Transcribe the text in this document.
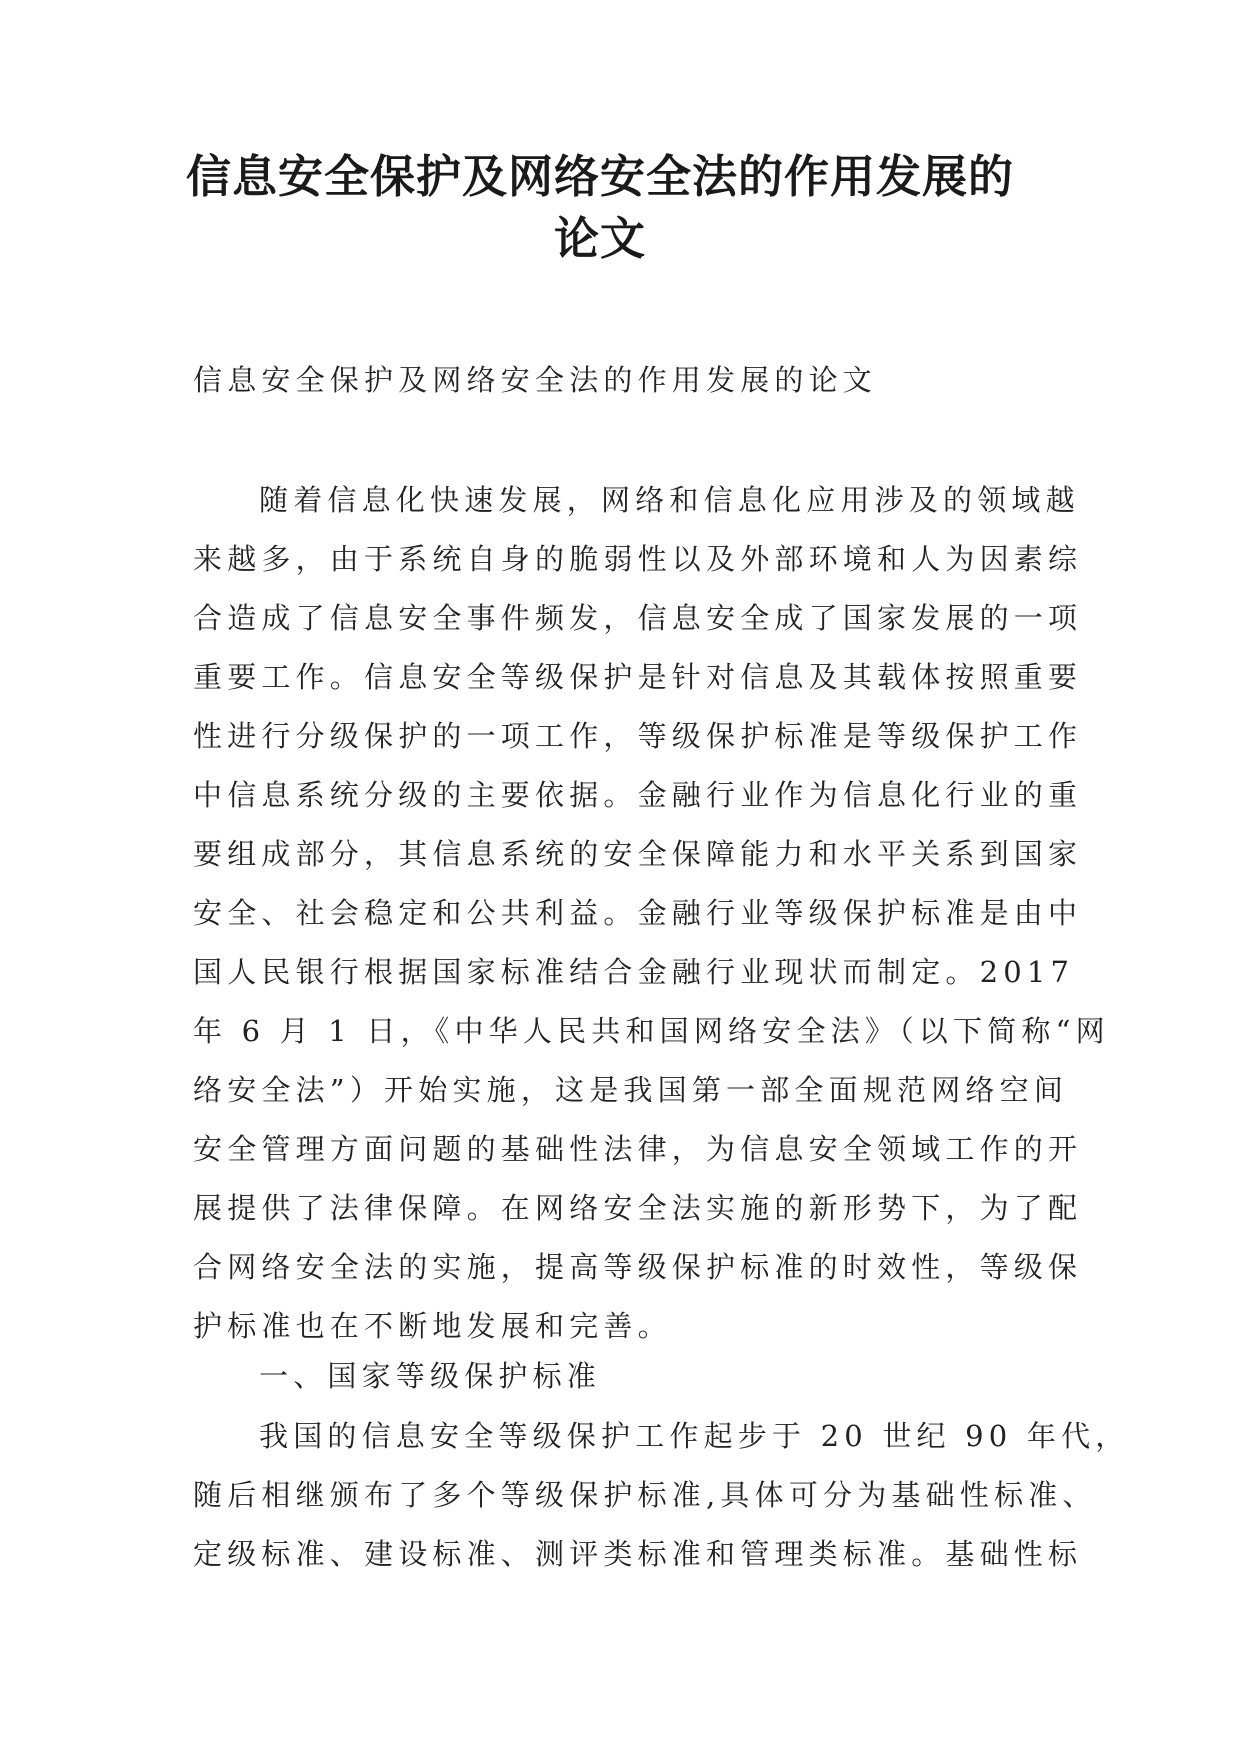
信息安全保护及网络安全法的作用发展的
论文
信息安全保护及网络安全法的作用发展的论文
随着信息化快速发展，网络和信息化应用涉及的领域越
来越多，由于系统自身的脆弱性以及外部环境和人为因素综
合造成了信息安全事件频发，信息安全成了国家发展的一项
重要工作。信息安全等级保护是针对信息及其载体按照重要
性进行分级保护的一项工作，等级保护标准是等级保护工作
中信息系统分级的主要依据。金融行业作为信息化行业的重
要组成部分，其信息系统的安全保障能力和水平关系到国家
安全、社会稳定和公共利益。金融行业等级保护标准是由中
国人民银行根据国家标准结合金融行业现状而制定。2017
年 6 月 1 日，《中华人民共和国网络安全法》（以下简称“网
络安全法”）开始实施，这是我国第一部全面规范网络空间
安全管理方面问题的基础性法律，为信息安全领域工作的开
展提供了法律保障。在网络安全法实施的新形势下，为了配
合网络安全法的实施，提高等级保护标准的时效性，等级保
护标准也在不断地发展和完善。
一、国家等级保护标准
我国的信息安全等级保护工作起步于 20 世纪 90 年代，
随后相继颁布了多个等级保护标准,具体可分为基础性标准、
定级标准、建设标准、测评类标准和管理类标准。基础性标
